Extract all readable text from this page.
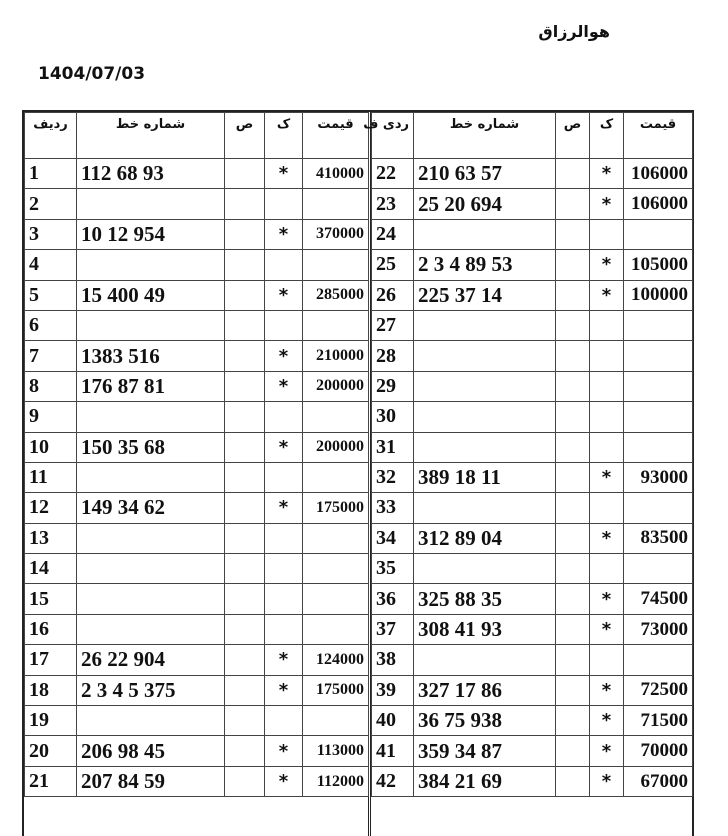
هوالرزاق
1404/07/03
ردیف	شماره خط	ص	ک	قیمت
1	112 68 93		*	410000
2				
3	10 12 954		*	370000
4				
5	15 400 49		*	285000
6				
7	1383 516		*	210000
8	176 87 81		*	200000
9				
10	150 35 68		*	200000
11				
12	149 34 62		*	175000
13				
14				
15				
16				
17	26 22 904		*	124000
18	2 3 4 5 375		*	175000
19				
20	206 98 45		*	113000
21	207 84 59		*	112000
ردی ف	شماره خط	ص	ک	قیمت
22	210 63 57		*	106000
23	25 20 694		*	106000
24				
25	2 3 4 89 53		*	105000
26	225 37 14		*	100000
27				
28				
29				
30				
31				
32	389 18 11		*	93000
33				
34	312 89 04		*	83500
35				
36	325 88 35		*	74500
37	308 41 93		*	73000
38				
39	327 17 86		*	72500
40	36 75 938		*	71500
41	359 34 87		*	70000
42	384 21 69		*	67000
